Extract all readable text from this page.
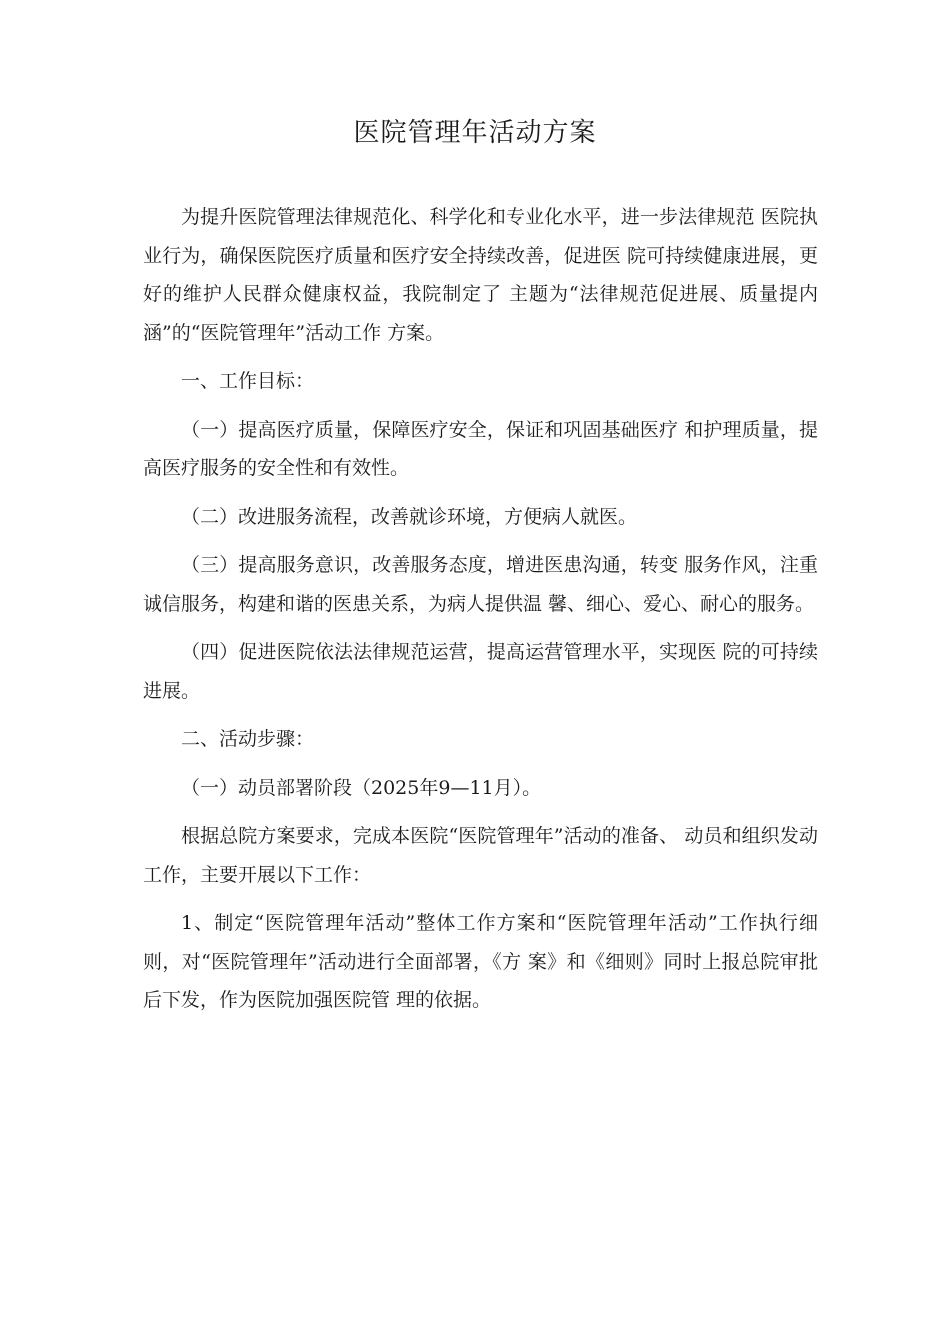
医院管理年活动方案

为提升医院管理法律规范化、科学化和专业化水平，进一步法律规范 医院执业行为，确保医院医疗质量和医疗安全持续改善，促进医 院可持续健康进展，更好的维护人民群众健康权益，我院制定了 主题为“法律规范促进展、质量提内涵”的“医院管理年”活动工作 方案。

一、工作目标：

（一）提高医疗质量，保障医疗安全，保证和巩固基础医疗 和护理质量，提高医疗服务的安全性和有效性。

（二）改进服务流程，改善就诊环境，方便病人就医。

（三）提高服务意识，改善服务态度，增进医患沟通，转变 服务作风，注重诚信服务，构建和谐的医患关系，为病人提供温 馨、细心、爱心、耐心的服务。

（四）促进医院依法法律规范运营，提高运营管理水平，实现医 院的可持续进展。

二、活动步骤：

（一）动员部署阶段（2025年9—11月）。

根据总院方案要求，完成本医院“医院管理年”活动的准备、 动员和组织发动工作，主要开展以下工作：

1、制定“医院管理年活动”整体工作方案和“医院管理年活动”工作执行细则，对“医院管理年”活动进行全面部署，《方 案》和《细则》同时上报总院审批后下发，作为医院加强医院管 理的依据。
